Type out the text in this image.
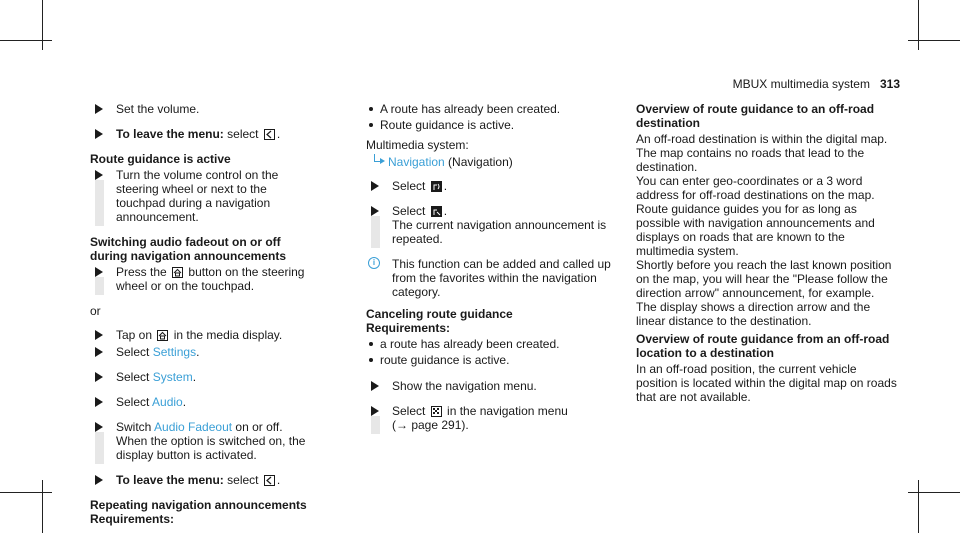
MBUX multimedia system 313
Set the volume.
To leave the menu: select .
Route guidance is active
Turn the volume control on the steering wheel or next to the touchpad during a navigation announcement.
Switching audio fadeout on or off during navigation announcements
Press the button on the steering wheel or on the touchpad.
or
Tap on in the media display.
Select Settings.
Select System.
Select Audio.
Switch Audio Fadeout on or off.
When the option is switched on, the display button is activated.
To leave the menu: select .
Repeating navigation announcements
Requirements:
A route has already been created.
Route guidance is active.
Multimedia system:
Navigation (Navigation)
Select .
Select .
The current navigation announcement is repeated.
i	This function can be added and called up from the favorites within the navigation category.
Canceling route guidance
Requirements:
a route has already been created.
route guidance is active.
Show the navigation menu.
Select in the navigation menu
(→ page 291).
Overview of route guidance to an off-road destination
An off-road destination is within the digital map. The map contains no roads that lead to the destination.
You can enter geo-coordinates or a 3 word address for off-road destinations on the map. Route guidance guides you for as long as possible with navigation announcements and displays on roads that are known to the multimedia system.
Shortly before you reach the last known position on the map, you will hear the "Please follow the direction arrow" announcement, for example. The display shows a direction arrow and the linear distance to the destination.
Overview of route guidance from an off-road location to a destination
In an off-road position, the current vehicle position is located within the digital map on roads that are not available.
